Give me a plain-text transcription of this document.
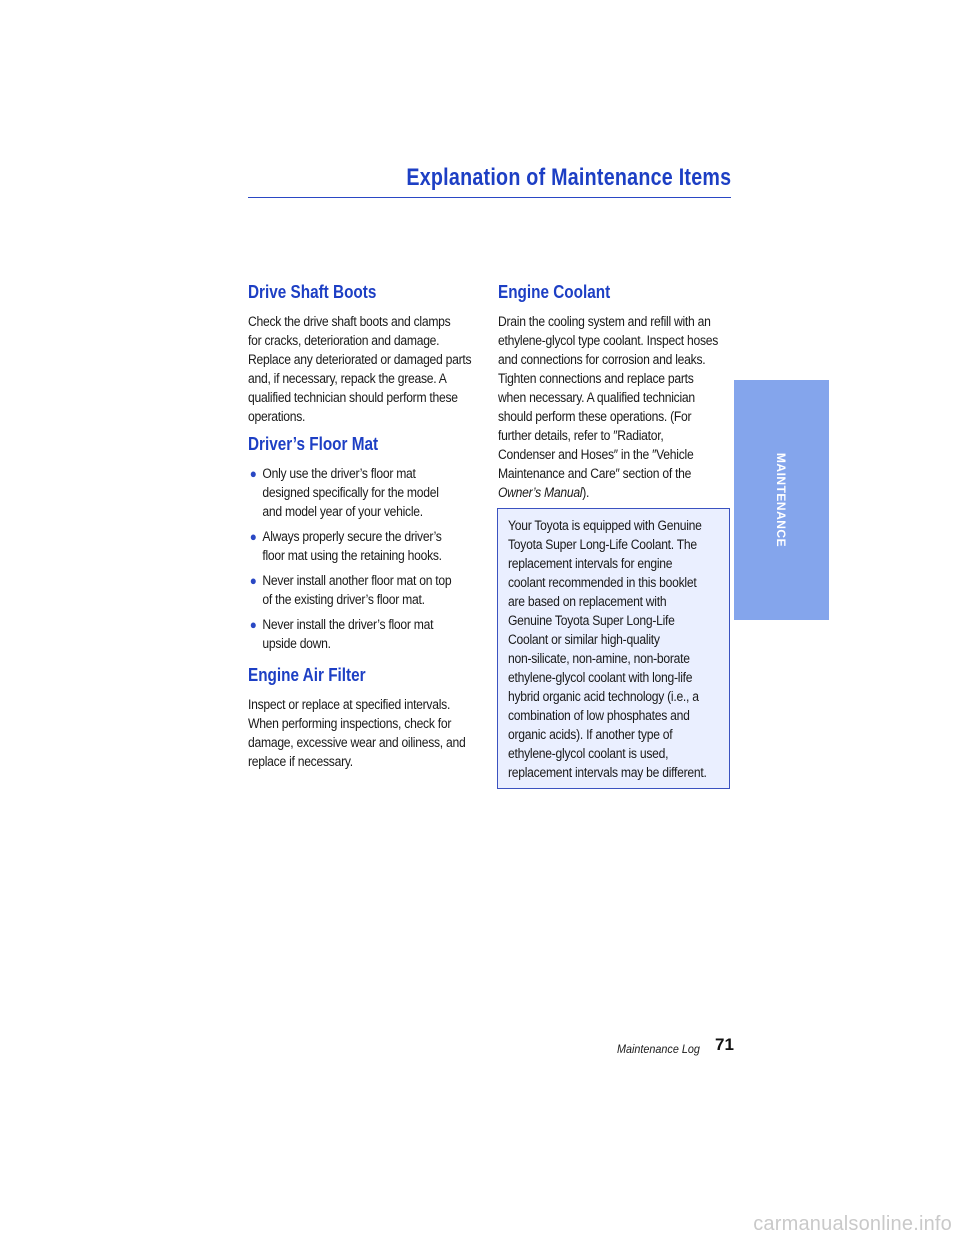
Explanation of Maintenance Items
Drive Shaft Boots

Check the drive shaft boots and clamps
for cracks, deterioration and damage.
Replace any deteriorated or damaged parts
and, if necessary, repack the grease. A
qualified technician should perform these
operations.

Driver’s Floor Mat
● Only use the driver’s floor mat
designed specifically for the model
and model year of your vehicle.
● Always properly secure the driver’s
floor mat using the retaining hooks.
● Never install another floor mat on top
of the existing driver’s floor mat.
● Never install the driver’s floor mat
upside down.
Engine Air Filter

Inspect or replace at specified intervals.
When performing inspections, check for
damage, excessive wear and oiliness, and
replace if necessary.

Engine Coolant

Drain the cooling system and refill with an
ethylene-glycol type coolant. Inspect hoses
and connections for corrosion and leaks.
Tighten connections and replace parts
when necessary. A qualified technician
should perform these operations. (For
further details, refer to ″Radiator,
Condenser and Hoses″ in the ″Vehicle
Maintenance and Care″ section of the
Owner’s Manual).

Your Toyota is equipped with Genuine
Toyota Super Long-Life Coolant. The
replacement intervals for engine
coolant recommended in this booklet
are based on replacement with
Genuine Toyota Super Long-Life
Coolant or similar high-quality
non-silicate, non-amine, non-borate
ethylene-glycol coolant with long-life
hybrid organic acid technology (i.e., a
combination of low phosphates and
organic acids). If another type of
ethylene-glycol coolant is used,
replacement intervals may be different.
MAINTENANCE
Maintenance Log 71
carmanualsonline.info
